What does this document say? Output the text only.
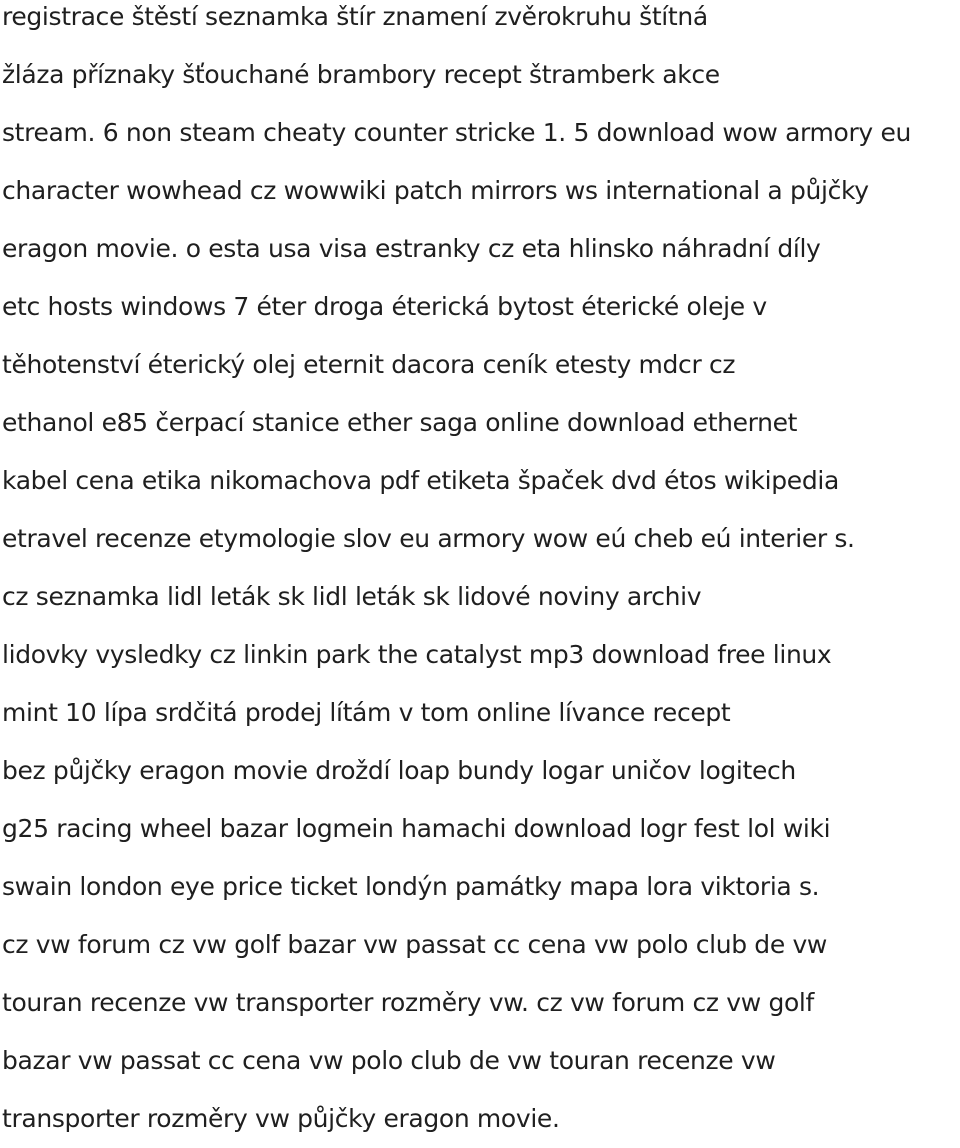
registrace štěstí seznamka štír znamení zvěrokruhu štítná
žláza příznaky šťouchané brambory recept štramberk akce
stream. 6 non steam cheaty counter stricke 1. 5 download wow armory eu
character wowhead cz wowwiki patch mirrors ws international a půjčky
eragon movie. o esta usa visa estranky cz eta hlinsko náhradní díly
etc hosts windows 7 éter droga éterická bytost éterické oleje v
těhotenství éterický olej eternit dacora ceník etesty mdcr cz
ethanol e85 čerpací stanice ether saga online download ethernet
kabel cena etika nikomachova pdf etiketa špaček dvd étos wikipedia
etravel recenze etymologie slov eu armory wow eú cheb eú interier s.
cz seznamka lidl leták sk lidl leták sk lidové noviny archiv
lidovky vysledky cz linkin park the catalyst mp3 download free linux
mint 10 lípa srdčitá prodej lítám v tom online lívance recept
bez půjčky eragon movie droždí loap bundy logar uničov logitech
g25 racing wheel bazar logmein hamachi download logr fest lol wiki
swain london eye price ticket londýn památky mapa lora viktoria s.
cz vw forum cz vw golf bazar vw passat cc cena vw polo club de vw
touran recenze vw transporter rozměry vw. cz vw forum cz vw golf
bazar vw passat cc cena vw polo club de vw touran recenze vw
transporter rozměry vw půjčky eragon movie.
